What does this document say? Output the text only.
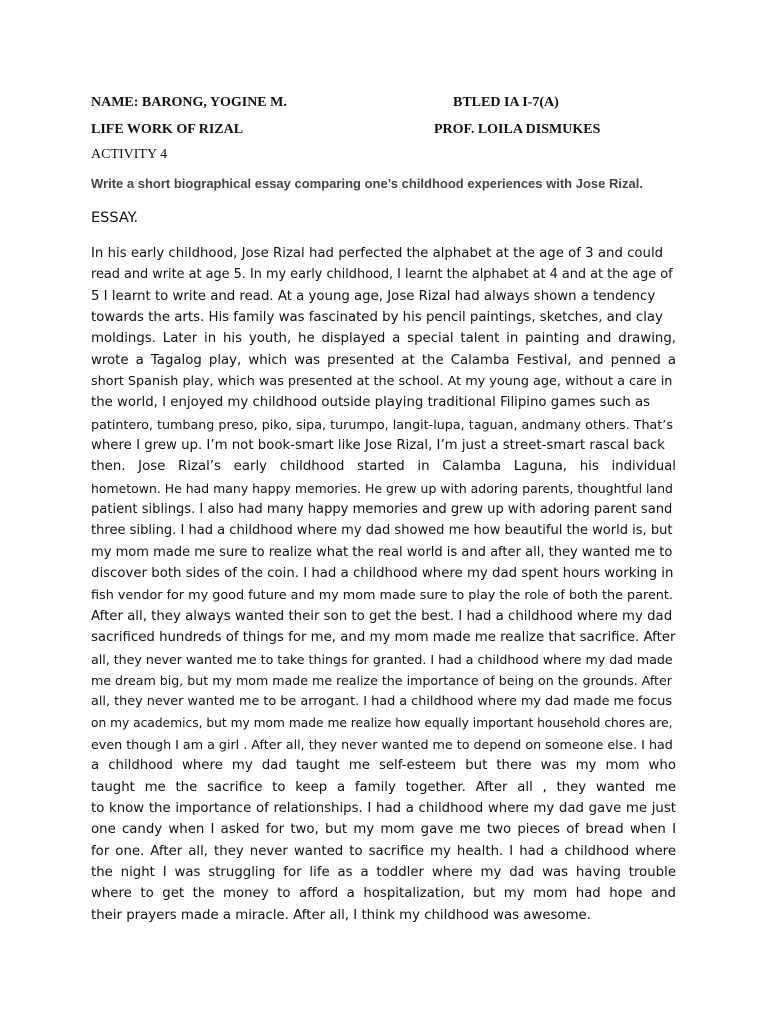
NAME: BARONG, YOGINE M.	BTLED IA I-7(A)
LIFE WORK OF RIZAL	PROF. LOILA DISMUKES
ACTIVITY 4
Write a short biographical essay comparing one’s childhood experiences with Jose Rizal.
ESSAY.
In his early childhood, Jose Rizal had perfected the alphabet at the age of 3 and could
read and write at age 5. In my early childhood, I learnt the alphabet at 4 and at the age of
5 I learnt to write and read. At a young age, Jose Rizal had always shown a tendency
towards the arts. His family was fascinated by his pencil paintings, sketches, and clay
moldings. Later in his youth, he displayed a special talent in painting and drawing,
wrote a Tagalog play, which was presented at the Calamba Festival, and penned a
short Spanish play, which was presented at the school. At my young age, without a care in
the world, I enjoyed my childhood outside playing traditional Filipino games such as
patintero, tumbang preso, piko, sipa, turumpo, langit-lupa, taguan, andmany others. That’s
where I grew up. I’m not book-smart like Jose Rizal, I’m just a street-smart rascal back
then. Jose Rizal’s early childhood started in Calamba Laguna, his individual
hometown. He had many happy memories. He grew up with adoring parents, thoughtful land
patient siblings. I also had many happy memories and grew up with adoring parent sand
three sibling. I had a childhood where my dad showed me how beautiful the world is, but
my mom made me sure to realize what the real world is and after all, they wanted me to
discover both sides of the coin. I had a childhood where my dad spent hours working in
fish vendor for my good future and my mom made sure to play the role of both the parent.
After all, they always wanted their son to get the best. I had a childhood where my dad
sacrificed hundreds of things for me, and my mom made me realize that sacrifice. After
all, they never wanted me to take things for granted. I had a childhood where my dad made
me dream big, but my mom made me realize the importance of being on the grounds. After
all, they never wanted me to be arrogant. I had a childhood where my dad made me focus
on my academics, but my mom made me realize how equally important household chores are,
even though I am a girl . After all, they never wanted me to depend on someone else. I had
a childhood where my dad taught me self-esteem but there was my mom who
taught me the sacrifice to keep a family together. After all , they wanted me
to know the importance of relationships. I had a childhood where my dad gave me just
one candy when I asked for two, but my mom gave me two pieces of bread when I
for one. After all, they never wanted to sacrifice my health. I had a childhood where
the night I was struggling for life as a toddler where my dad was having trouble
where to get the money to afford a hospitalization, but my mom had hope and
their prayers made a miracle. After all, I think my childhood was awesome.
